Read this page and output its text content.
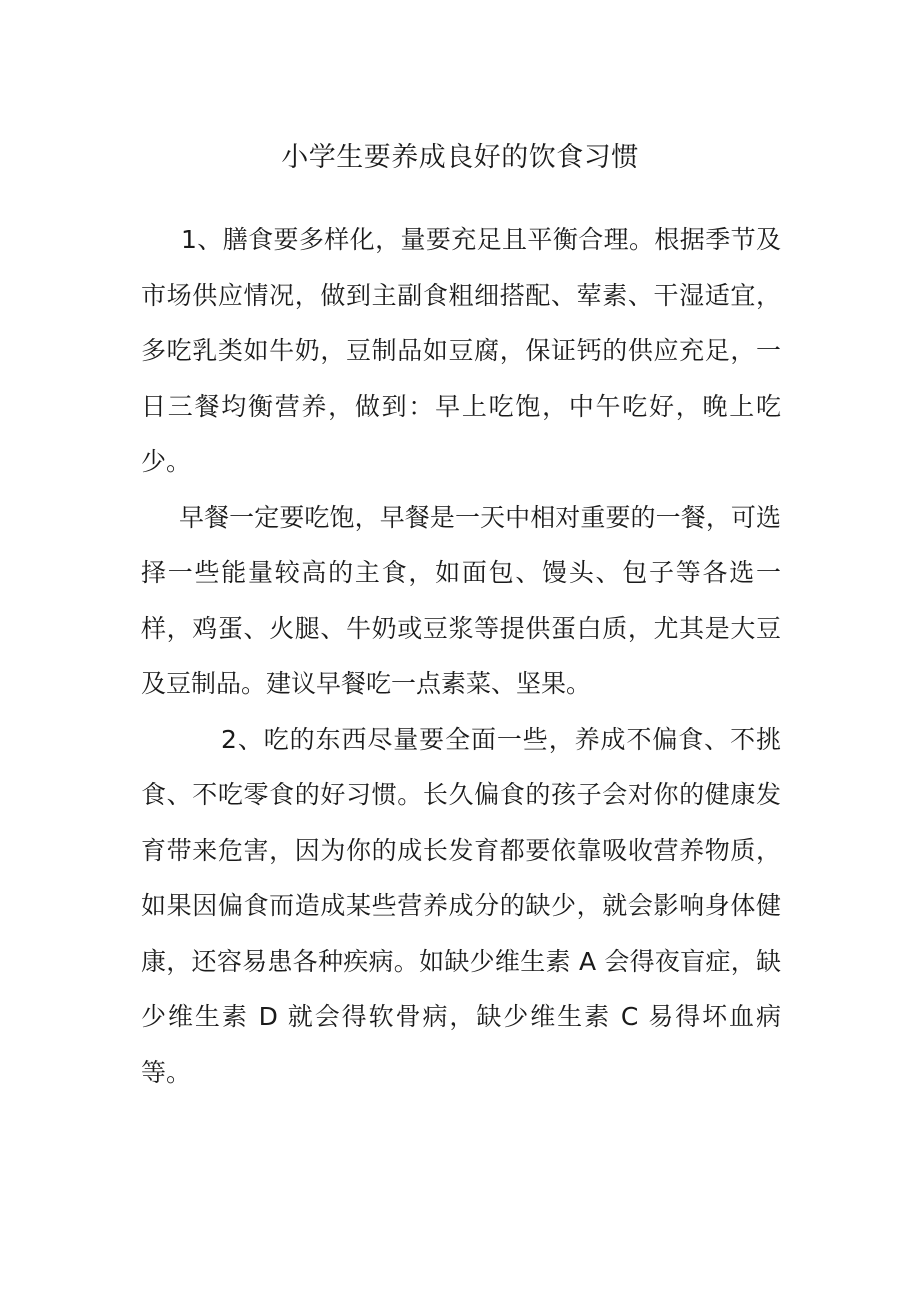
小学生要养成良好的饮食习惯

1、膳食要多样化，量要充足且平衡合理。根据季节及市场供应情况，做到主副食粗细搭配、荤素、干湿适宜，多吃乳类如牛奶，豆制品如豆腐，保证钙的供应充足，一日三餐均衡营养，做到：早上吃饱，中午吃好，晚上吃少。

早餐一定要吃饱，早餐是一天中相对重要的一餐，可选择一些能量较高的主食，如面包、馒头、包子等各选一样，鸡蛋、火腿、牛奶或豆浆等提供蛋白质，尤其是大豆及豆制品。建议早餐吃一点素菜、坚果。

2、吃的东西尽量要全面一些，养成不偏食、不挑食、不吃零食的好习惯。长久偏食的孩子会对你的健康发育带来危害，因为你的成长发育都要依靠吸收营养物质，如果因偏食而造成某些营养成分的缺少，就会影响身体健康，还容易患各种疾病。如缺少维生素 A 会得夜盲症，缺少维生素 D 就会得软骨病，缺少维生素 C 易得坏血病等。
